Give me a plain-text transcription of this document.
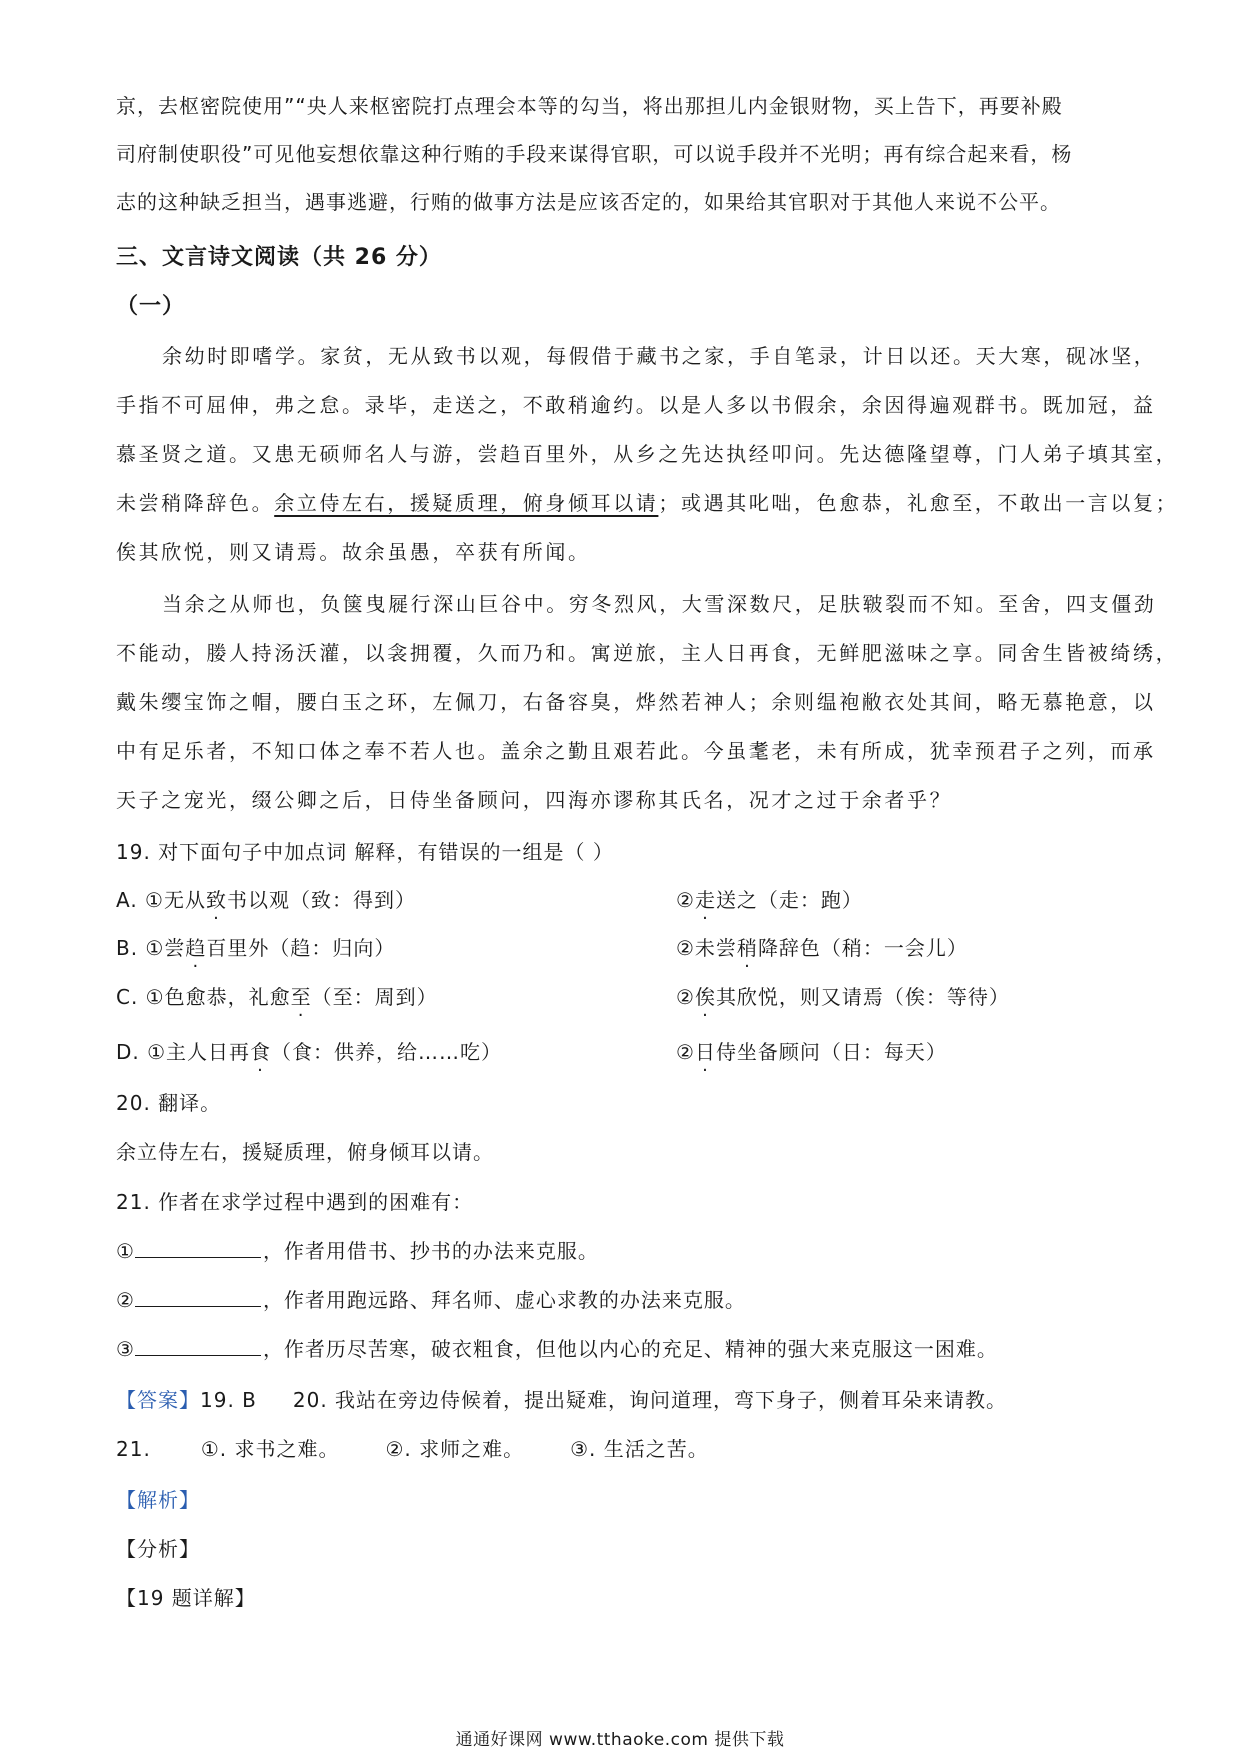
京，去枢密院使用”“央人来枢密院打点理会本等的勾当，将出那担儿内金银财物，买上告下，再要补殿
司府制使职役”可见他妄想依靠这种行贿的手段来谋得官职，可以说手段并不光明；再有综合起来看，杨
志的这种缺乏担当，遇事逃避，行贿的做事方法是应该否定的，如果给其官职对于其他人来说不公平。
三、文言诗文阅读（共 26 分）
（一）
余幼时即嗜学。家贫，无从致书以观，每假借于藏书之家，手自笔录，计日以还。天大寒，砚冰坚，
手指不可屈伸，弗之怠。录毕，走送之，不敢稍逾约。以是人多以书假余，余因得遍观群书。既加冠，益
慕圣贤之道。又患无硕师名人与游，尝趋百里外，从乡之先达执经叩问。先达德隆望尊，门人弟子填其室，
未尝稍降辞色。余立侍左右，援疑质理，俯身倾耳以请；或遇其叱咄，色愈恭，礼愈至，不敢出一言以复；
俟其欣悦，则又请焉。故余虽愚，卒获有所闻。
当余之从师也，负箧曳屣行深山巨谷中。穷冬烈风，大雪深数尺，足肤皲裂而不知。至舍，四支僵劲
不能动，媵人持汤沃灌，以衾拥覆，久而乃和。寓逆旅，主人日再食，无鲜肥滋味之享。同舍生皆被绮绣，
戴朱缨宝饰之帽，腰白玉之环，左佩刀，右备容臭，烨然若神人；余则缊袍敝衣处其间，略无慕艳意，以
中有足乐者，不知口体之奉不若人也。盖余之勤且艰若此。今虽耄老，未有所成，犹幸预君子之列，而承
天子之宠光，缀公卿之后，日侍坐备顾问，四海亦谬称其氏名，况才之过于余者乎？
19. 对下面句子中加点词 解释，有错误的一组是（ ）
A. ①无从致书以观（致：得到）	②走送之（走：跑）
B. ①尝趋百里外（趋：归向）	②未尝稍降辞色（稍：一会儿）
C. ①色愈恭，礼愈至（至：周到）	②俟其欣悦，则又请焉（俟：等待）
D. ①主人日再食（食：供养，给……吃）	②日侍坐备顾问（日：每天）
20. 翻译。
余立侍左右，援疑质理，俯身倾耳以请。
21. 作者在求学过程中遇到的困难有：
①	，作者用借书、抄书的办法来克服。
②	，作者用跑远路、拜名师、虚心求教的办法来克服。
③	，作者历尽苦寒，破衣粗食，但他以内心的充足、精神的强大来克服这一困难。
【答案】19. B 20. 我站在旁边侍候着，提出疑难，询问道理，弯下身子，侧着耳朵来请教。
21.	①. 求书之难。 ②. 求师之难。 ③. 生活之苦。
【解析】
【分析】
【19 题详解】
通通好课网 www.tthaoke.com 提供下载
